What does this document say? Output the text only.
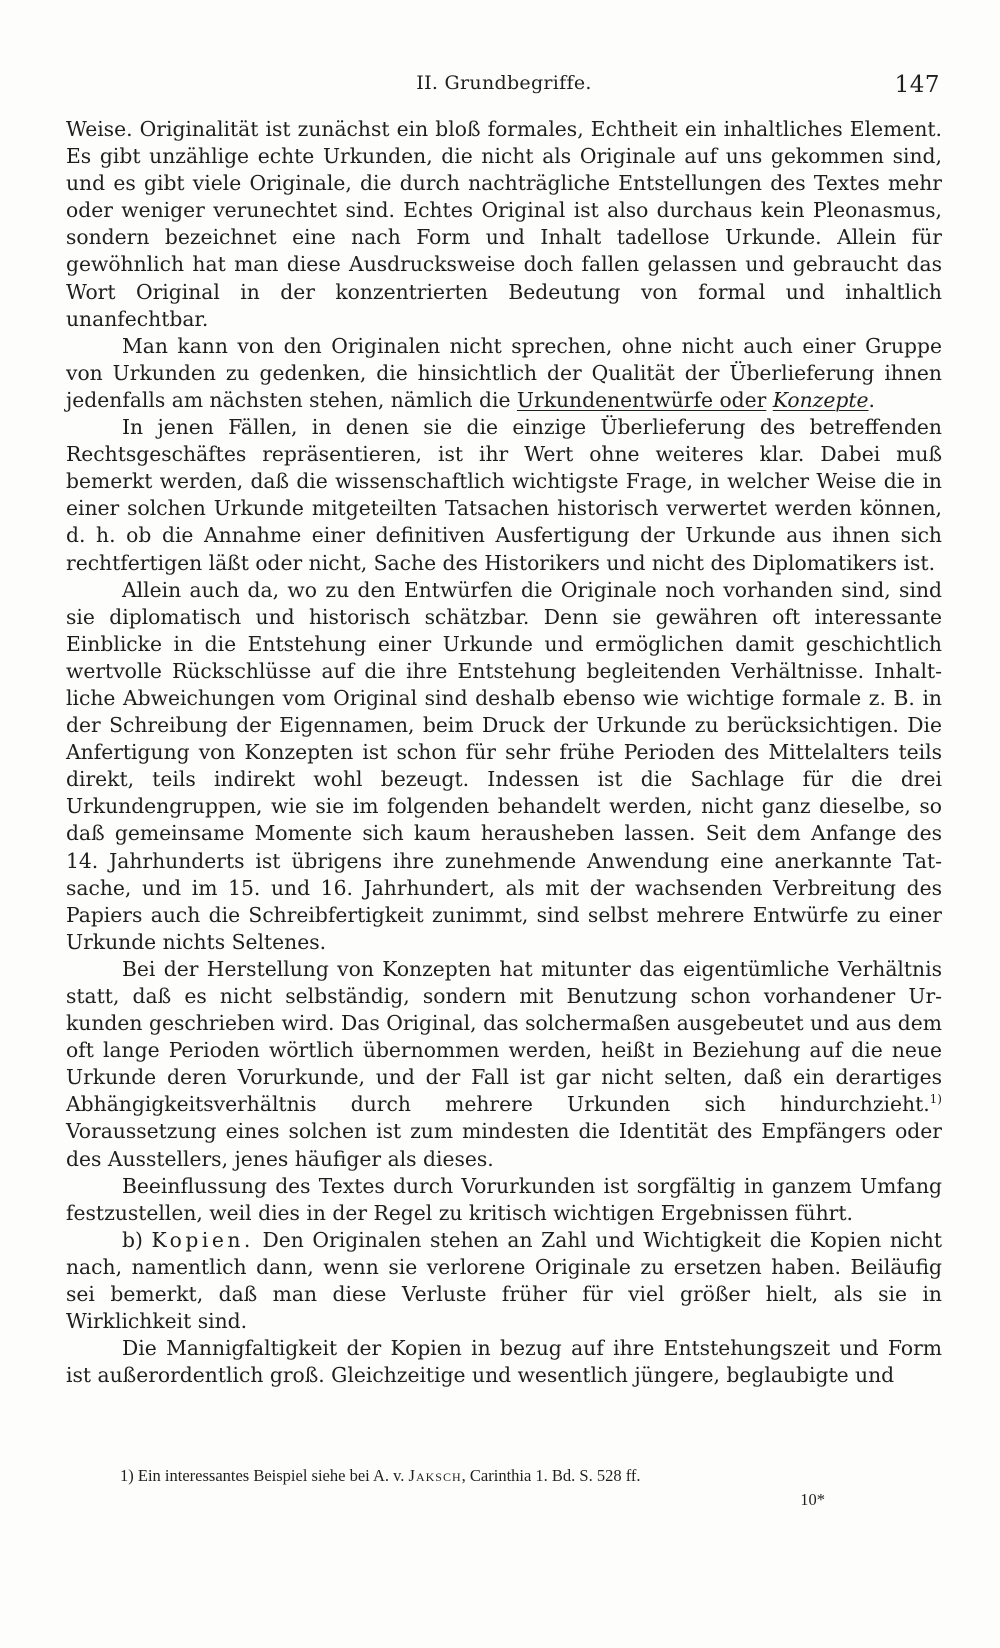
II. Grundbegriffe.	147

Weise. Originalität ist zunächst ein bloß formales, Echtheit ein inhaltliches Element. Es gibt unzählige echte Urkunden, die nicht als Originale auf uns gekommen sind, und es gibt viele Originale, die durch nachträgliche Entstellungen des Textes mehr oder weniger verunechtet sind. Echtes Original ist also durchaus kein Pleonasmus, sondern bezeichnet eine nach Form und Inhalt tadellose Urkunde. Allein für gewöhnlich hat man diese Ausdrucksweise doch fallen gelassen und gebraucht das Wort Original in der konzentrierten Bedeutung von formal und inhaltlich unanfechtbar.

Man kann von den Originalen nicht sprechen, ohne nicht auch einer Gruppe von Urkunden zu gedenken, die hinsichtlich der Qualität der Überlieferung ihnen jedenfalls am nächsten stehen, nämlich die Urkundenentwürfe oder Konzepte.

In jenen Fällen, in denen sie die einzige Überlieferung des betreffenden Rechtsgeschäftes repräsentieren, ist ihr Wert ohne weiteres klar. Dabei muß bemerkt werden, daß die wissenschaftlich wichtigste Frage, in welcher Weise die in einer solchen Urkunde mitgeteilten Tatsachen historisch verwertet werden können, d. h. ob die Annahme einer definitiven Ausfertigung der Urkunde aus ihnen sich rechtfertigen läßt oder nicht, Sache des Historikers und nicht des Diplomatikers ist.

Allein auch da, wo zu den Entwürfen die Originale noch vorhanden sind, sind sie diplomatisch und historisch schätzbar. Denn sie gewähren oft interessante Einblicke in die Entstehung einer Urkunde und ermöglichen damit geschichtlich wertvolle Rückschlüsse auf die ihre Entstehung begleitenden Verhältnisse. Inhaltliche Abweichungen vom Original sind deshalb ebenso wie wichtige formale z. B. in der Schreibung der Eigennamen, beim Druck der Urkunde zu berücksichtigen. Die Anfertigung von Konzepten ist schon für sehr frühe Perioden des Mittelalters teils direkt, teils indirekt wohl bezeugt. Indessen ist die Sachlage für die drei Urkundengruppen, wie sie im folgenden behandelt werden, nicht ganz dieselbe, so daß gemeinsame Momente sich kaum herausheben lassen. Seit dem Anfange des 14. Jahrhunderts ist übrigens ihre zunehmende Anwendung eine anerkannte Tatsache, und im 15. und 16. Jahrhundert, als mit der wachsenden Verbreitung des Papiers auch die Schreibfertigkeit zunimmt, sind selbst mehrere Entwürfe zu einer Urkunde nichts Seltenes.

Bei der Herstellung von Konzepten hat mitunter das eigentümliche Verhältnis statt, daß es nicht selbständig, sondern mit Benutzung schon vorhandener Urkunden geschrieben wird. Das Original, das solchermaßen ausgebeutet und aus dem oft lange Perioden wörtlich übernommen werden, heißt in Beziehung auf die neue Urkunde deren Vorurkunde, und der Fall ist gar nicht selten, daß ein derartiges Abhängigkeitsverhältnis durch mehrere Urkunden sich hindurchzieht.$^{1)}$ Voraussetzung eines solchen ist zum mindesten die Identität des Empfängers oder des Ausstellers, jenes häufiger als dieses.

Beeinflussung des Textes durch Vorurkunden ist sorgfältig in ganzem Umfang festzustellen, weil dies in der Regel zu kritisch wichtigen Ergebnissen führt.

b) Kopien. Den Originalen stehen an Zahl und Wichtigkeit die Kopien nicht nach, namentlich dann, wenn sie verlorene Originale zu ersetzen haben. Beiläufig sei bemerkt, daß man diese Verluste früher für viel größer hielt, als sie in Wirklichkeit sind.

Die Mannigfaltigkeit der Kopien in bezug auf ihre Entstehungszeit und Form ist außerordentlich groß. Gleichzeitige und wesentlich jüngere, beglaubigte und

1) Ein interessantes Beispiel siehe bei A. v. Jaksch, Carinthia 1. Bd. S. 528 ff.
10*
